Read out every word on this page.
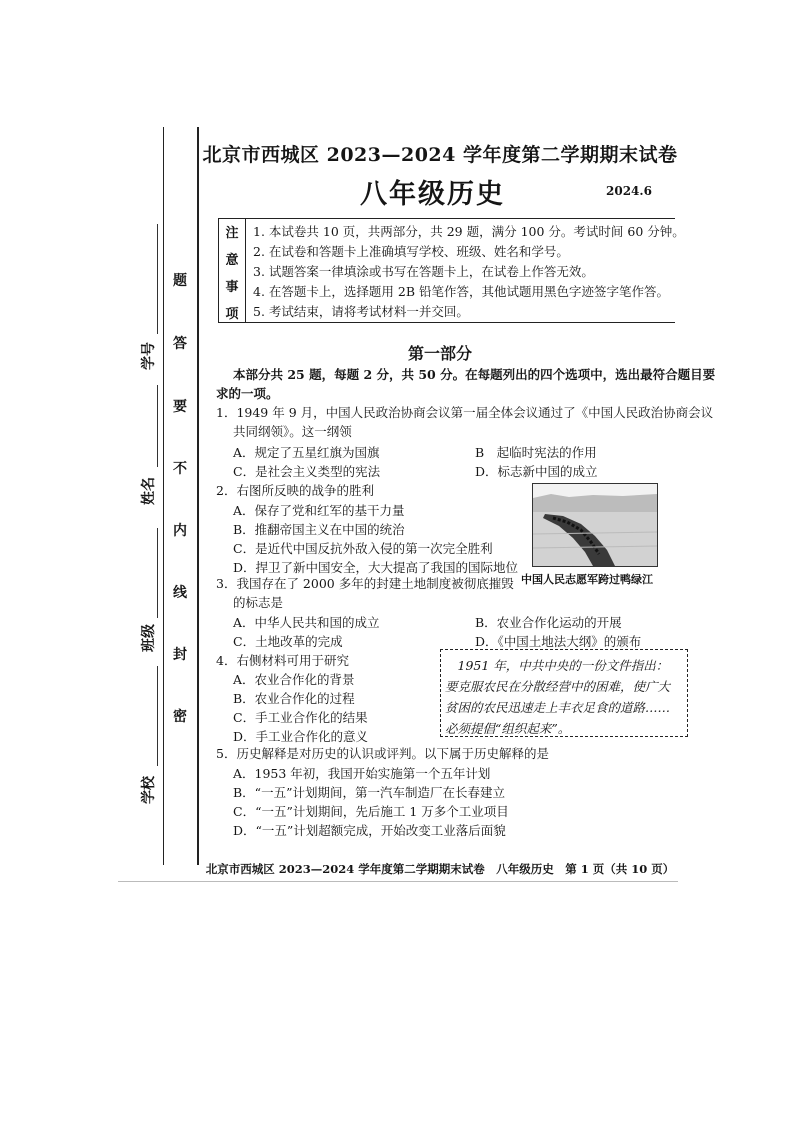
题
答
要
不
内
线
封
密
学号
姓名
班级
学校
北京市西城区 2023—2024 学年度第二学期期末试卷
八年级历史	2024.6
注
意
事
项
1. 本试卷共 10 页，共两部分，共 29 题，满分 100 分。考试时间 60 分钟。
2. 在试卷和答题卡上准确填写学校、班级、姓名和学号。
3. 试题答案一律填涂或书写在答题卡上，在试卷上作答无效。
4. 在答题卡上，选择题用 2B 铅笔作答，其他试题用黑色字迹签字笔作答。
5. 考试结束，请将考试材料一并交回。
第一部分
本部分共 25 题，每题 2 分，共 50 分。在每题列出的四个选项中，选出最符合题目要
求的一项。
1．1949 年 9 月，中国人民政治协商会议第一届全体会议通过了《中国人民政治协商会议
共同纲领》。这一纲领
A．规定了五星红旗为国旗	B　起临时宪法的作用
C．是社会主义类型的宪法	D．标志新中国的成立
2．右图所反映的战争的胜利
A．保存了党和红军的基干力量
B．推翻帝国主义在中国的统治
C．是近代中国反抗外敌入侵的第一次完全胜利
D．捍卫了新中国安全，大大提高了我国的国际地位
中国人民志愿军跨过鸭绿江
3．我国存在了 2000 多年的封建土地制度被彻底摧毁
的标志是
A．中华人民共和国的成立	B．农业合作化运动的开展
C．土地改革的完成	D．《中国土地法大纲》的颁布
4．右侧材料可用于研究
A．农业合作化的背景
B．农业合作化的过程
C．手工业合作化的结果
D．手工业合作化的意义
　1951 年，中共中央的一份文件指出：
要克服农民在分散经营中的困难，使广大
贫困的农民迅速走上丰衣足食的道路……
必须提倡“组织起来”。
5．历史解释是对历史的认识或评判。以下属于历史解释的是
A．1953 年初，我国开始实施第一个五年计划
B．“一五”计划期间，第一汽车制造厂在长春建立
C．“一五”计划期间，先后施工 1 万多个工业项目
D．“一五”计划超额完成，开始改变工业落后面貌
北京市西城区 2023—2024 学年度第二学期期末试卷　八年级历史　第 1 页（共 10 页）
